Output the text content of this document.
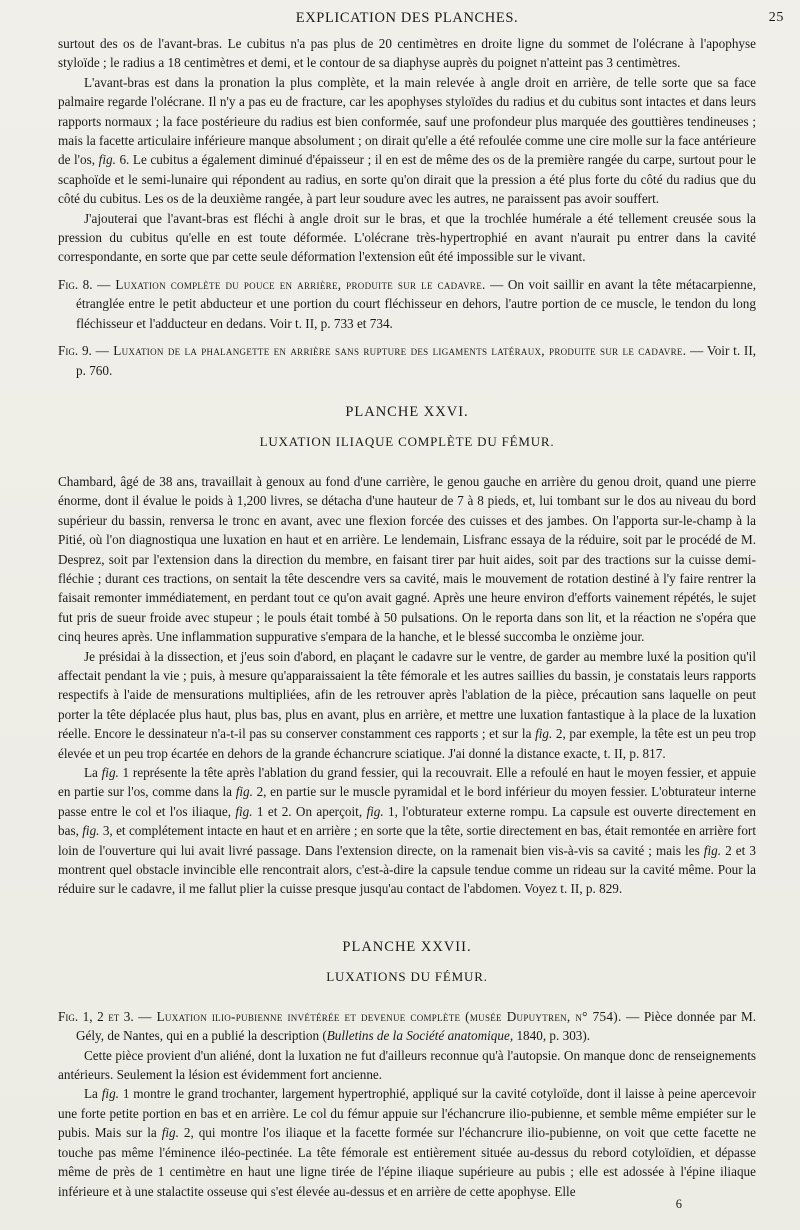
EXPLICATION DES PLANCHES.	25

surtout des os de l'avant-bras. Le cubitus n'a pas plus de 20 centimètres en droite ligne du sommet de l'olécrane à l'apophyse styloïde ; le radius a 18 centimètres et demi, et le contour de sa diaphyse auprès du poignet n'atteint pas 3 centimètres.

L'avant-bras est dans la pronation la plus complète, et la main relevée à angle droit en arrière, de telle sorte que sa face palmaire regarde l'olécrane. Il n'y a pas eu de fracture, car les apophyses styloïdes du radius et du cubitus sont intactes et dans leurs rapports normaux ; la face postérieure du radius est bien conformée, sauf une profondeur plus marquée des gouttières tendineuses ; mais la facette articulaire inférieure manque absolument ; on dirait qu'elle a été refoulée comme une cire molle sur la face antérieure de l'os, fig. 6. Le cubitus a également diminué d'épaisseur ; il en est de même des os de la première rangée du carpe, surtout pour le scaphoïde et le semi-lunaire qui répondent au radius, en sorte qu'on dirait que la pression a été plus forte du côté du radius que du côté du cubitus. Les os de la deuxième rangée, à part leur soudure avec les autres, ne paraissent pas avoir souffert.

J'ajouterai que l'avant-bras est fléchi à angle droit sur le bras, et que la trochlée humérale a été tellement creusée sous la pression du cubitus qu'elle en est toute déformée. L'olécrane très-hypertrophié en avant n'aurait pu entrer dans la cavité correspondante, en sorte que par cette seule déformation l'extension eût été impossible sur le vivant.

Fig. 8. — Luxation complète du pouce en arrière, produite sur le cadavre. — On voit saillir en avant la tête métacarpienne, étranglée entre le petit abducteur et une portion du court fléchisseur en dehors, l'autre portion de ce muscle, le tendon du long fléchisseur et l'adducteur en dedans. Voir t. II, p. 733 et 734.

Fig. 9. — Luxation de la phalangette en arrière sans rupture des ligaments latéraux, produite sur le cadavre. — Voir t. II, p. 760.

PLANCHE XXVI.
LUXATION ILIAQUE COMPLÈTE DU FÉMUR.

Chambard, âgé de 38 ans, travaillait à genoux au fond d'une carrière, le genou gauche en arrière du genou droit, quand une pierre énorme, dont il évalue le poids à 1,200 livres, se détacha d'une hauteur de 7 à 8 pieds, et, lui tombant sur le dos au niveau du bord supérieur du bassin, renversa le tronc en avant, avec une flexion forcée des cuisses et des jambes. On l'apporta sur-le-champ à la Pitié, où l'on diagnostiqua une luxation en haut et en arrière. Le lendemain, Lisfranc essaya de la réduire, soit par le procédé de M. Desprez, soit par l'extension dans la direction du membre, en faisant tirer par huit aides, soit par des tractions sur la cuisse demi-fléchie ; durant ces tractions, on sentait la tête descendre vers sa cavité, mais le mouvement de rotation destiné à l'y faire rentrer la faisait remonter immédiatement, en perdant tout ce qu'on avait gagné. Après une heure environ d'efforts vainement répétés, le sujet fut pris de sueur froide avec stupeur ; le pouls était tombé à 50 pulsations. On le reporta dans son lit, et la réaction ne s'opéra que cinq heures après. Une inflammation suppurative s'empara de la hanche, et le blessé succomba le onzième jour.

Je présidai à la dissection, et j'eus soin d'abord, en plaçant le cadavre sur le ventre, de garder au membre luxé la position qu'il affectait pendant la vie ; puis, à mesure qu'apparaissaient la tête fémorale et les autres saillies du bassin, je constatais leurs rapports respectifs à l'aide de mensurations multipliées, afin de les retrouver après l'ablation de la pièce, précaution sans laquelle on peut porter la tête déplacée plus haut, plus bas, plus en avant, plus en arrière, et mettre une luxation fantastique à la place de la luxation réelle. Encore le dessinateur n'a-t-il pas su conserver constamment ces rapports ; et sur la fig. 2, par exemple, la tête est un peu trop élevée et un peu trop écartée en dehors de la grande échancrure sciatique. J'ai donné la distance exacte, t. II, p. 817.

La fig. 1 représente la tête après l'ablation du grand fessier, qui la recouvrait. Elle a refoulé en haut le moyen fessier, et appuie en partie sur l'os, comme dans la fig. 2, en partie sur le muscle pyramidal et le bord inférieur du moyen fessier. L'obturateur interne passe entre le col et l'os iliaque, fig. 1 et 2. On aperçoit, fig. 1, l'obturateur externe rompu. La capsule est ouverte directement en bas, fig. 3, et complétement intacte en haut et en arrière ; en sorte que la tête, sortie directement en bas, était remontée en arrière fort loin de l'ouverture qui lui avait livré passage. Dans l'extension directe, on la ramenait bien vis-à-vis sa cavité ; mais les fig. 2 et 3 montrent quel obstacle invincible elle rencontrait alors, c'est-à-dire la capsule tendue comme un rideau sur la cavité même. Pour la réduire sur le cadavre, il me fallut plier la cuisse presque jusqu'au contact de l'abdomen. Voyez t. II, p. 829.

PLANCHE XXVII.
LUXATIONS DU FÉMUR.

Fig. 1, 2 et 3. — Luxation ilio-pubienne invétérée et devenue complète (musée Dupuytren, n° 754). — Pièce donnée par M. Gély, de Nantes, qui en a publié la description (Bulletins de la Société anatomique, 1840, p. 303).

Cette pièce provient d'un aliéné, dont la luxation ne fut d'ailleurs reconnue qu'à l'autopsie. On manque donc de renseignements antérieurs. Seulement la lésion est évidemment fort ancienne.

La fig. 1 montre le grand trochanter, largement hypertrophié, appliqué sur la cavité cotyloïde, dont il laisse à peine apercevoir une forte petite portion en bas et en arrière. Le col du fémur appuie sur l'échancrure ilio-pubienne, et semble même empiéter sur le pubis. Mais sur la fig. 2, qui montre l'os iliaque et la facette formée sur l'échancrure ilio-pubienne, on voit que cette facette ne touche pas même l'éminence iléo-pectinée. La tête fémorale est entièrement située au-dessus du rebord cotyloïdien, et dépasse même de près de 1 centimètre en haut une ligne tirée de l'épine iliaque supérieure au pubis ; elle est adossée à l'épine iliaque inférieure et à une stalactite osseuse qui s'est élevée au-dessus et en arrière de cette apophyse. Elle

6
